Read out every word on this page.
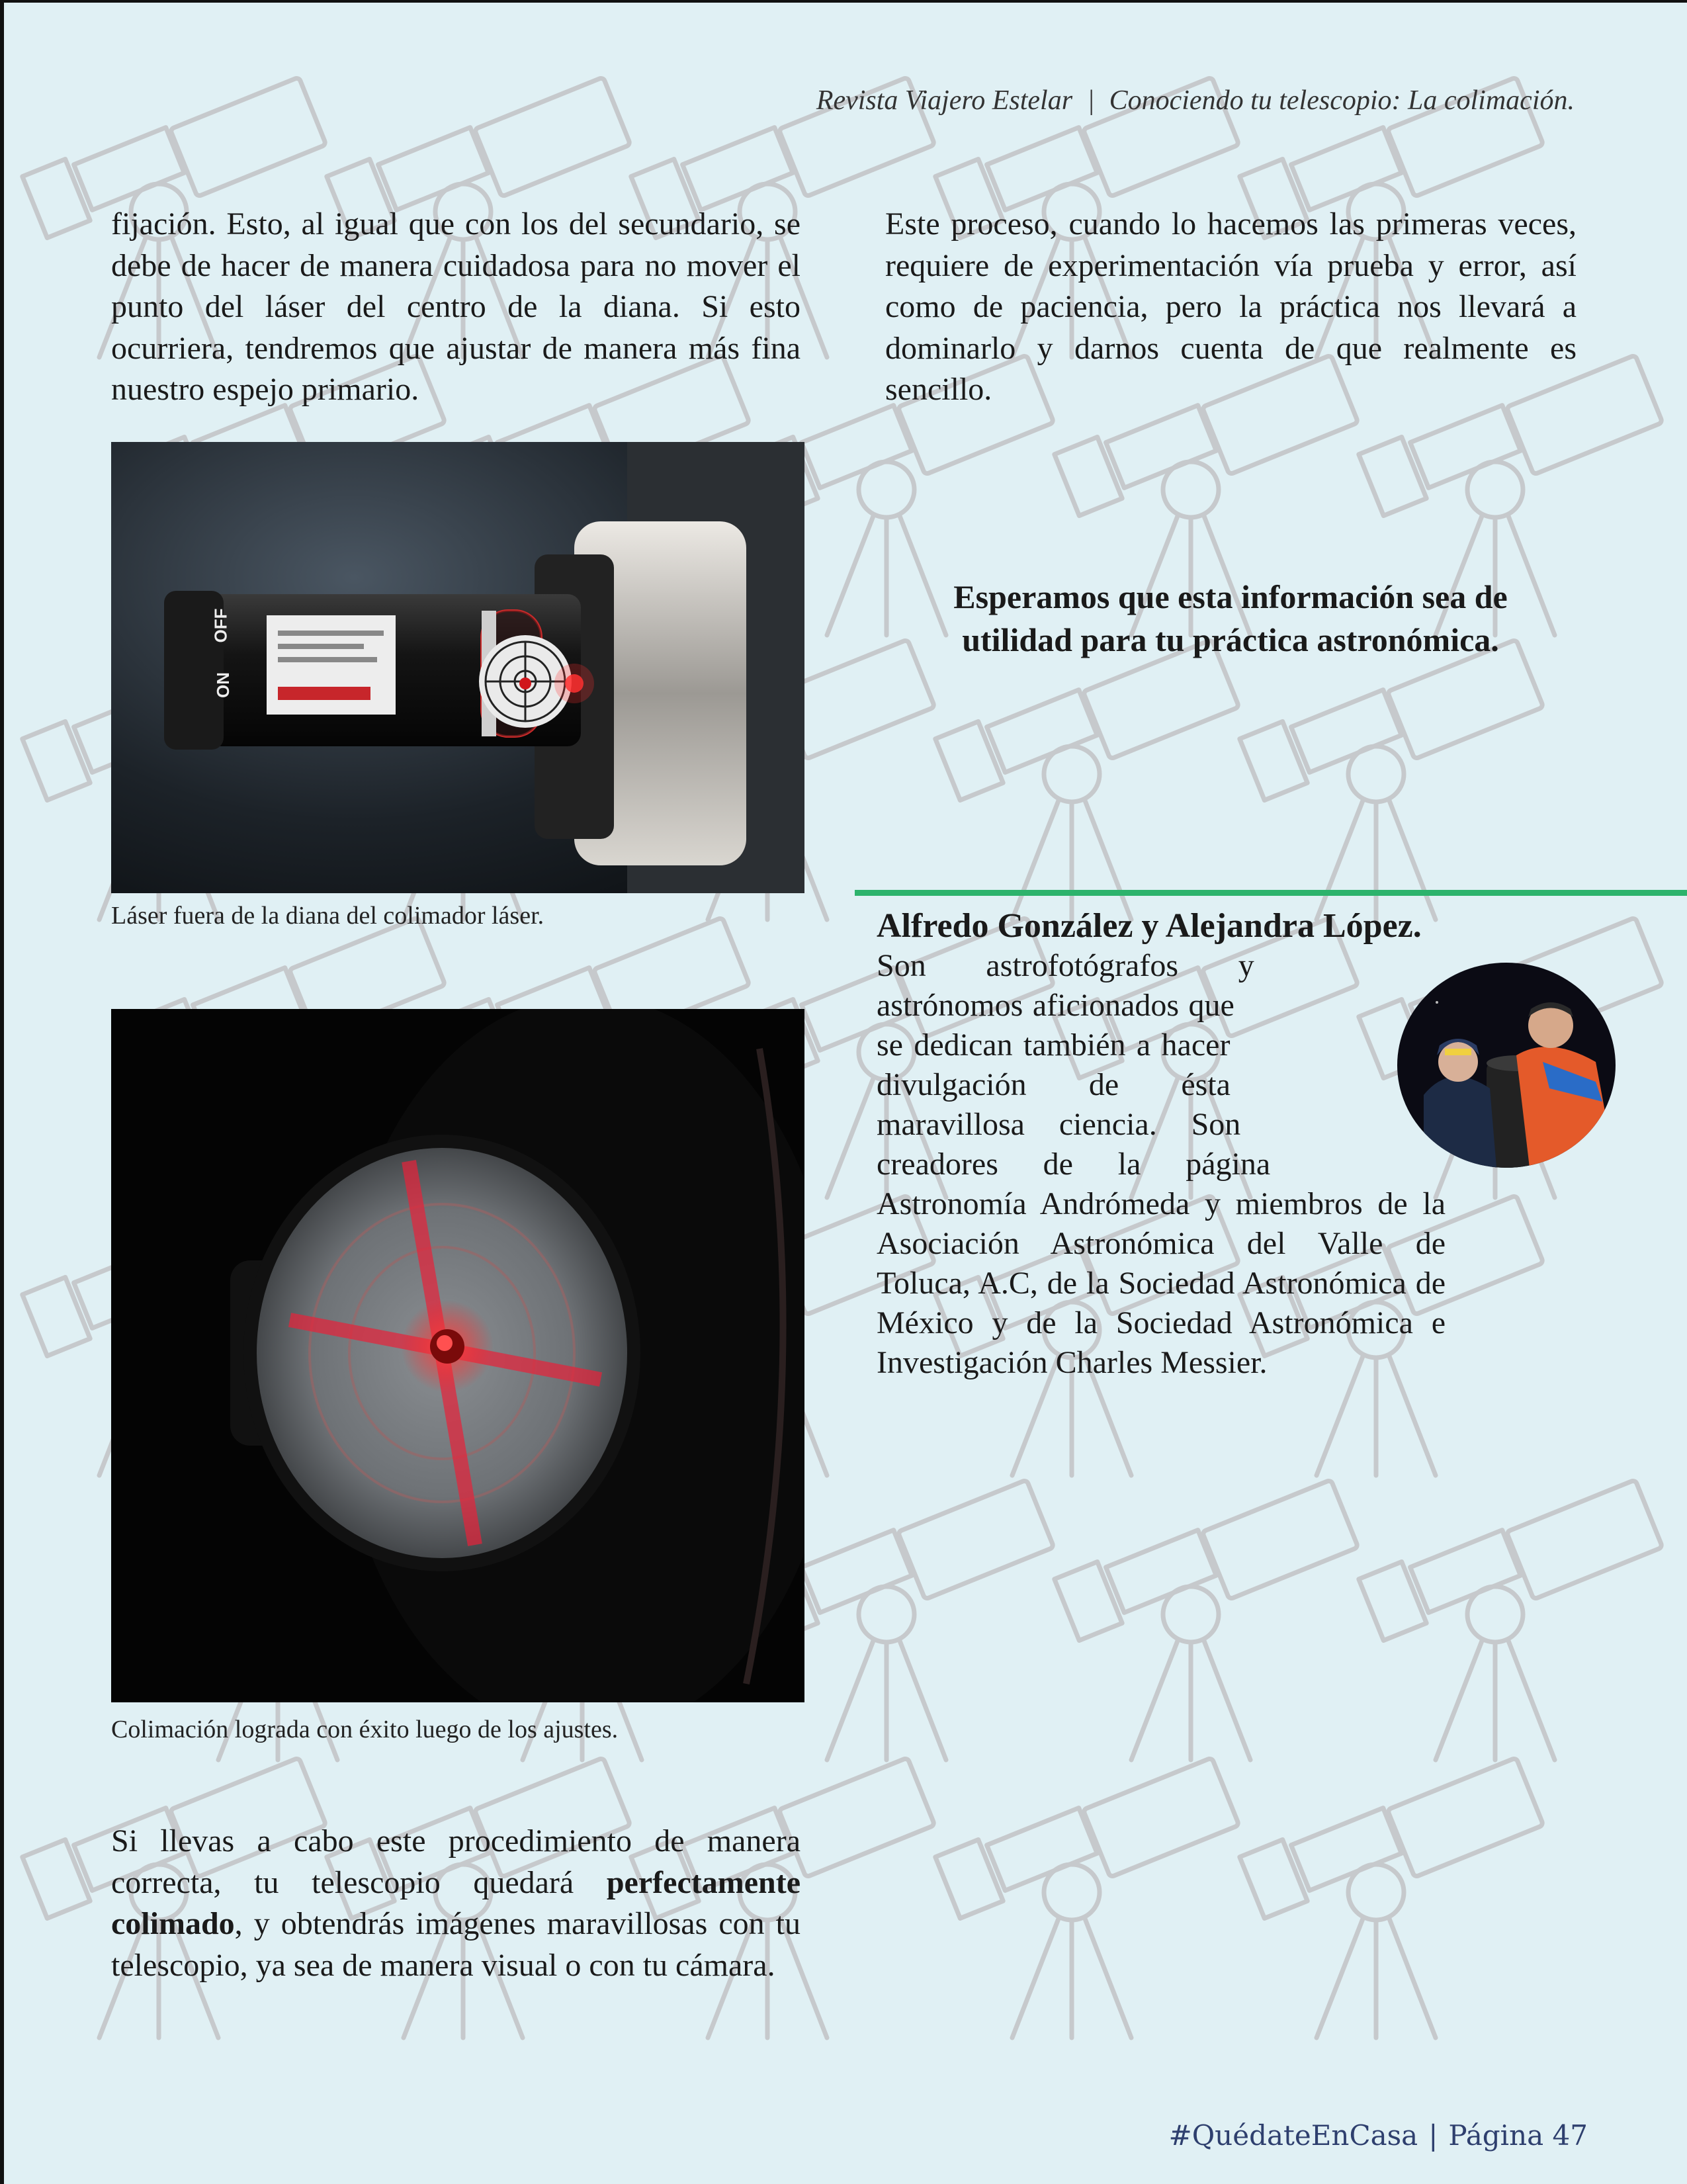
Revista Viajero Estelar | Conociendo tu telescopio: La colimación.

fijación. Esto, al igual que con los del secundario, se debe de hacer de manera cuidadosa para no mover el punto del láser del centro de la diana. Si esto ocurriera, tendremos que ajustar de manera más fina nuestro espejo primario.

ON
OFF
Láser fuera de la diana del colimador láser.
Colimación lograda con éxito luego de los ajustes.

Si llevas a cabo este procedimiento de manera correcta, tu telescopio quedará perfectamente colimado, y obtendrás imágenes maravillosas con tu telescopio, ya sea de manera visual o con tu cámara.

Este proceso, cuando lo hacemos las primeras veces, requiere de experimentación vía prueba y error, así como de paciencia, pero la práctica nos llevará a dominarlo y darnos cuenta de que realmente es sencillo.

Esperamos que esta información sea de
utilidad para tu práctica astronómica.

Alfredo González y Alejandra López.

Son astrofotógrafos y astrónomos aficionados que se dedican también a hacer divulgación de ésta maravillosa ciencia. Son creadores de la página Astronomía Andrómeda y miembros de la Asociación Astronómica del Valle de Toluca, A.C, de la Sociedad Astronómica de México y de la Sociedad Astronómica e Investigación Charles Messier.

#QuédateEnCasa | Página 47
